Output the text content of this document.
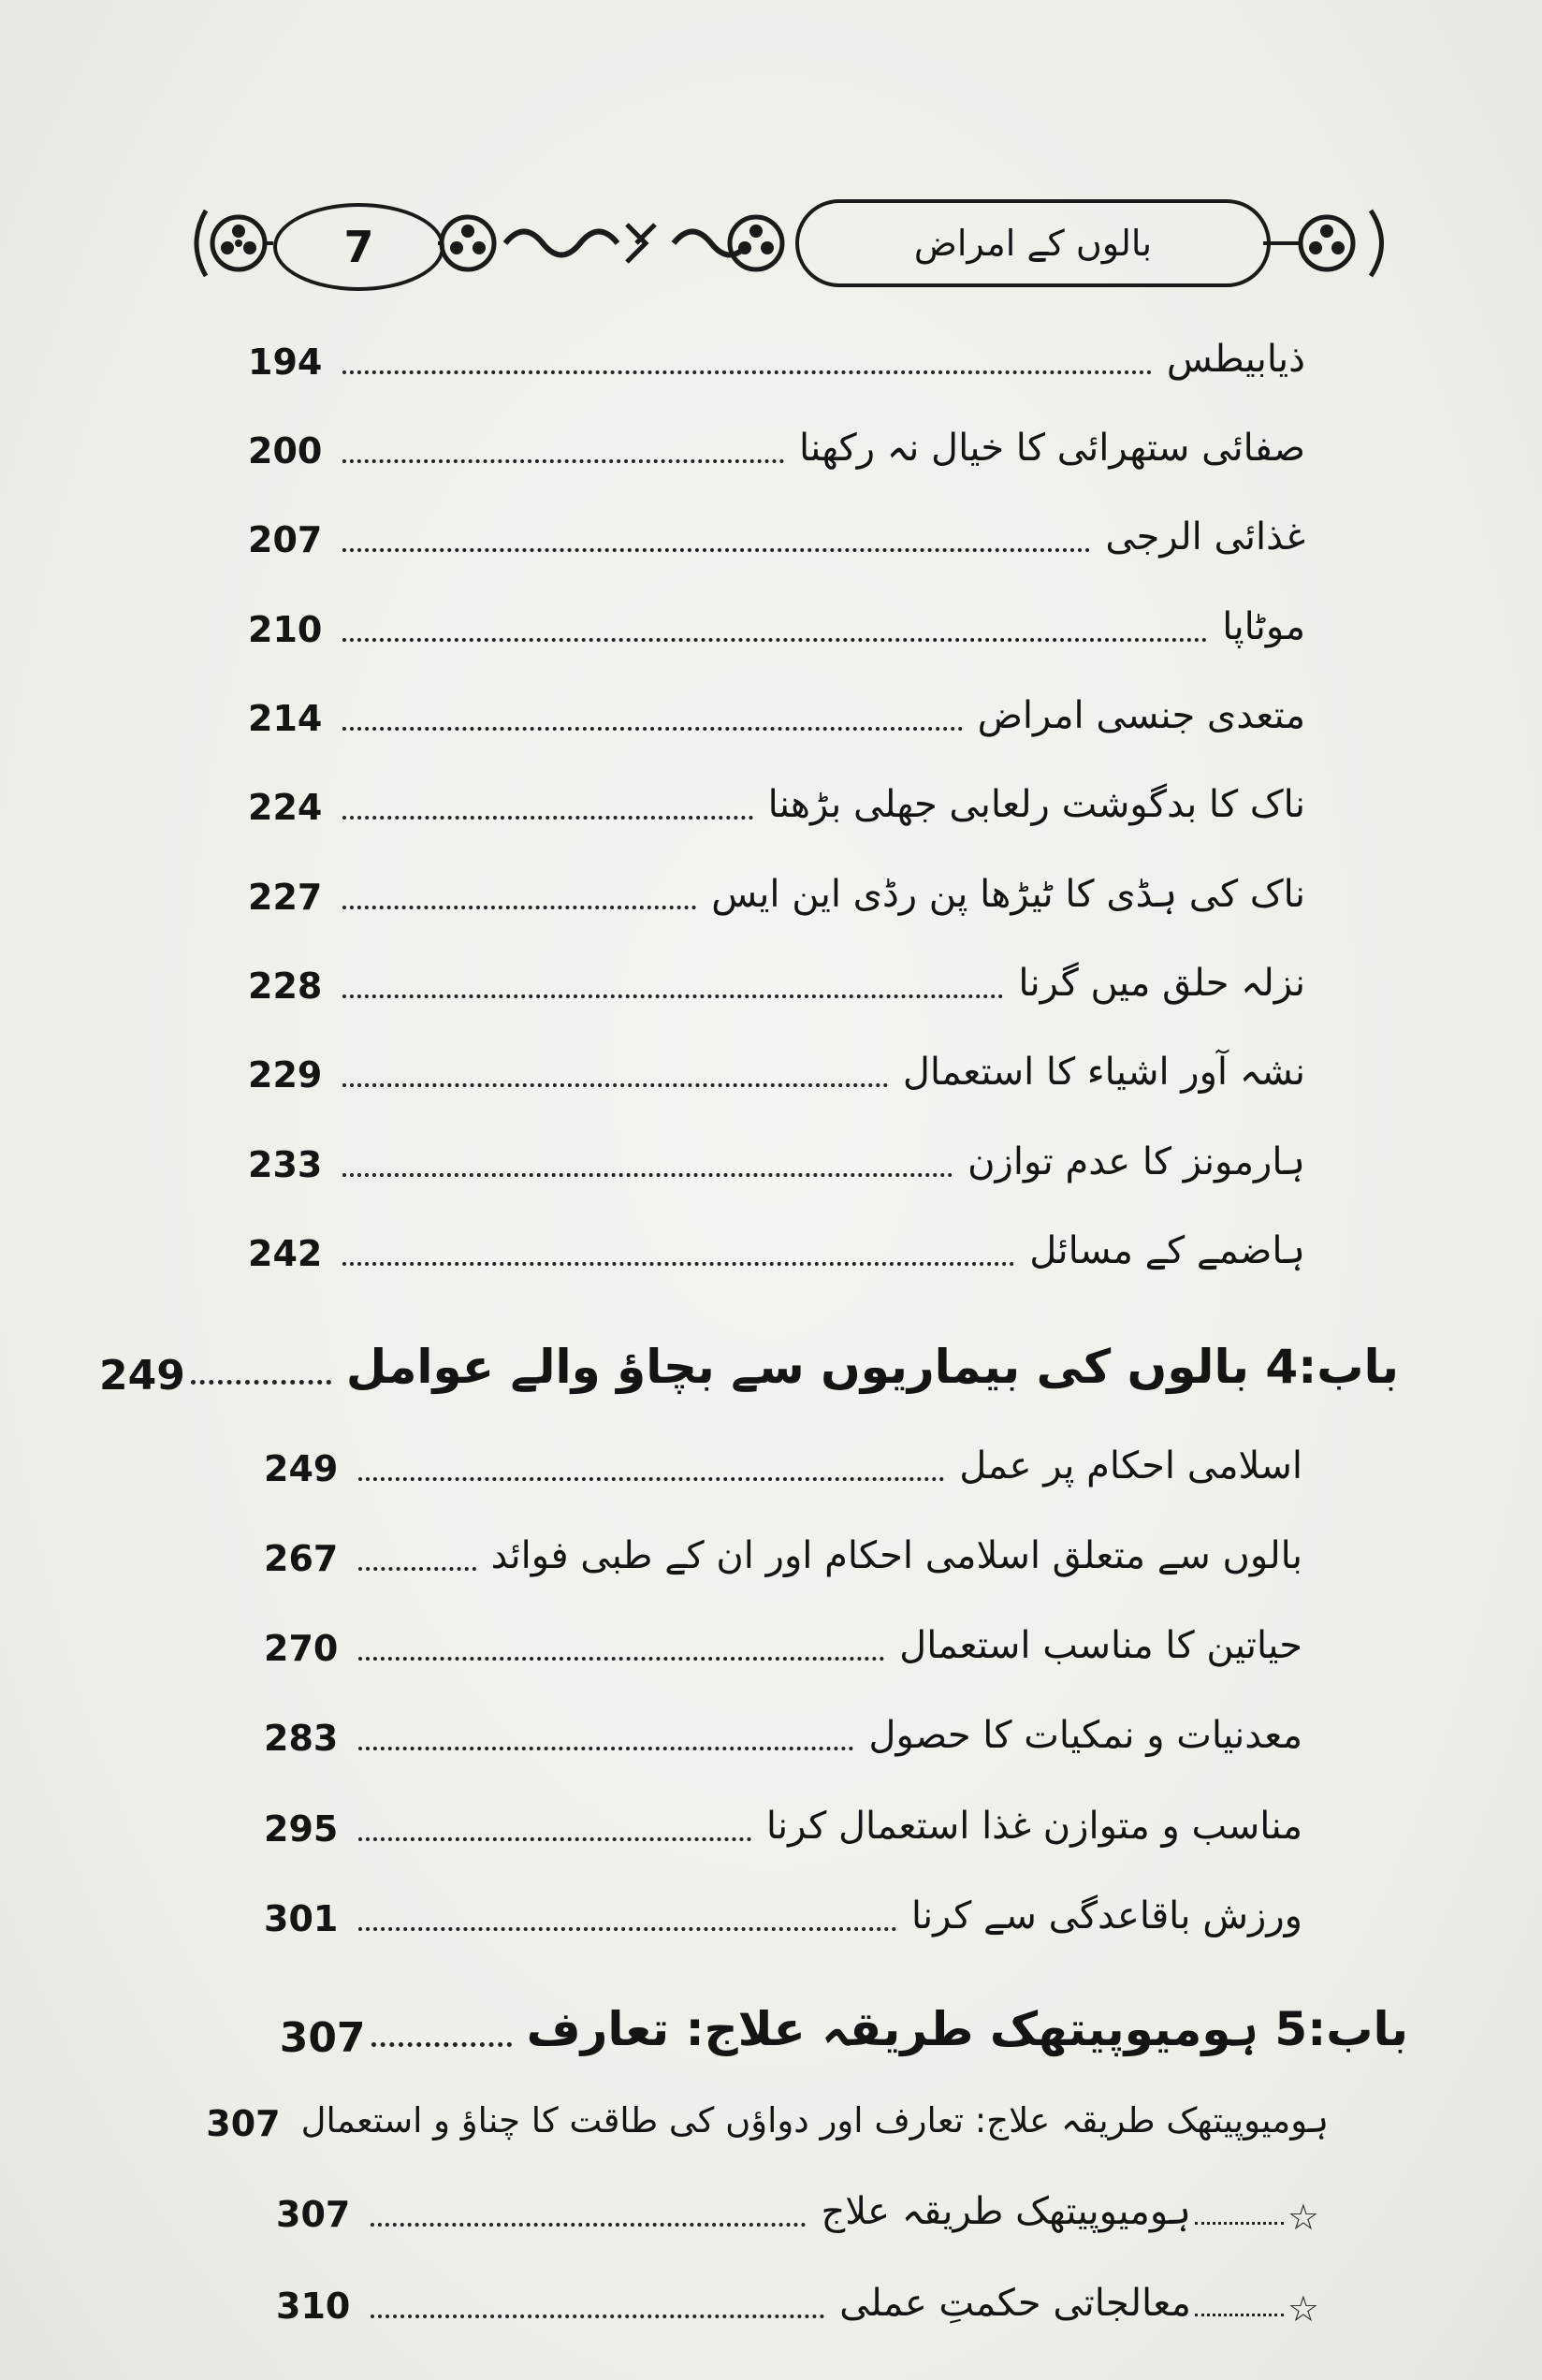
7	بالوں کے امراض
ذیابیطس
194
صفائی ستھرائی کا خیال نہ رکھنا
200
غذائی الرجی
207
موٹاپا
210
متعدی جنسی امراض
214
ناک کا بدگوشت رلعابی جھلی بڑھنا
224
ناک کی ہڈی کا ٹیڑھا پن رڈی این ایس
227
نزلہ حلق میں گرنا
228
نشہ آور اشیاء کا استعمال
229
ہارمونز کا عدم توازن
233
ہاضمے کے مسائل
242
باب:4 بالوں کی بیماریوں سے بچاؤ والے عوامل
249
اسلامی احکام پر عمل
249
بالوں سے متعلق اسلامی احکام اور ان کے طبی فوائد
267
حیاتین کا مناسب استعمال
270
معدنیات و نمکیات کا حصول
283
مناسب و متوازن غذا استعمال کرنا
295
ورزش باقاعدگی سے کرنا
301
باب:5 ہومیوپیتھک طریقہ علاج: تعارف
307
ہومیوپیتھک طریقہ علاج: تعارف اور دواؤں کی طاقت کا چناؤ و استعمال
307
☆
ہومیوپیتھک طریقہ علاج
307
☆
معالجاتی حکمتِ عملی
310
